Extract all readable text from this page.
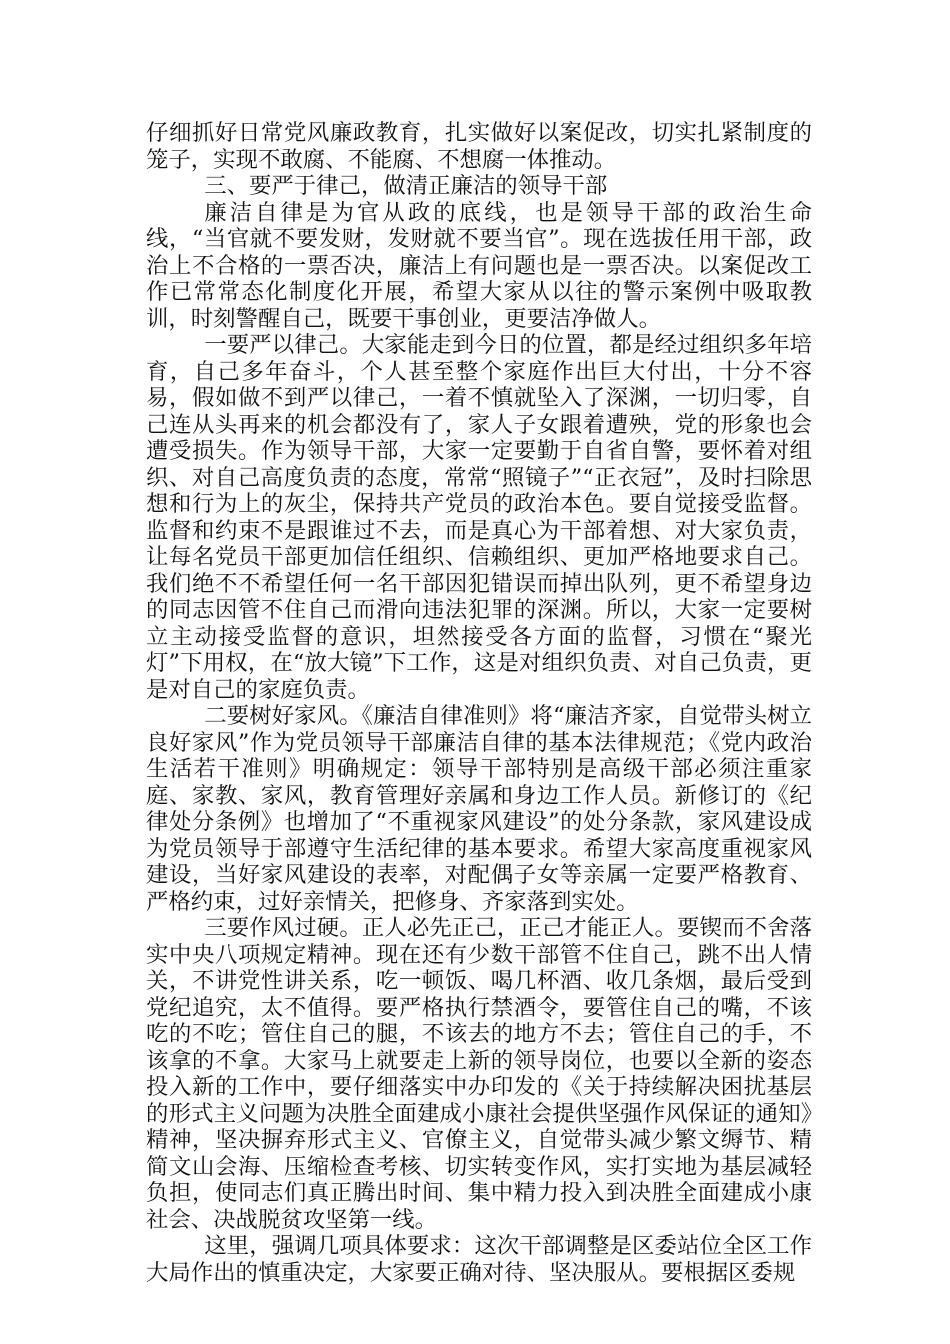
仔细抓好日常党风廉政教育，扎实做好以案促改，切实扎紧制度的笼子，实现不敢腐、不能腐、不想腐一体推动。

三、要严于律己，做清正廉洁的领导干部

廉洁自律是为官从政的底线，也是领导干部的政治生命线，“当官就不要发财，发财就不要当官”。现在选拔任用干部，政治上不合格的一票否决，廉洁上有问题也是一票否决。以案促改工作已常常态化制度化开展，希望大家从以往的警示案例中吸取教训，时刻警醒自己，既要干事创业，更要洁净做人。

一要严以律己。大家能走到今日的位置，都是经过组织多年培育，自己多年奋斗，个人甚至整个家庭作出巨大付出，十分不容易，假如做不到严以律己，一着不慎就坠入了深渊，一切归零，自己连从头再来的机会都没有了，家人子女跟着遭殃，党的形象也会遭受损失。作为领导干部，大家一定要勤于自省自警，要怀着对组织、对自己高度负责的态度，常常“照镜子”“正衣冠”，及时扫除思想和行为上的灰尘，保持共产党员的政治本色。要自觉接受监督。监督和约束不是跟谁过不去，而是真心为干部着想、对大家负责，让每名党员干部更加信任组织、信赖组织、更加严格地要求自己。我们绝不不希望任何一名干部因犯错误而掉出队列，更不希望身边的同志因管不住自己而滑向违法犯罪的深渊。所以，大家一定要树立主动接受监督的意识，坦然接受各方面的监督，习惯在“聚光灯”下用权，在“放大镜”下工作，这是对组织负责、对自己负责，更是对自己的家庭负责。

二要树好家风。《廉洁自律准则》将“廉洁齐家，自觉带头树立良好家风”作为党员领导干部廉洁自律的基本法律规范；《党内政治生活若干准则》明确规定：领导干部特别是高级干部必须注重家庭、家教、家风，教育管理好亲属和身边工作人员。新修订的《纪律处分条例》也增加了“不重视家风建设”的处分条款，家风建设成为党员领导于部遵守生活纪律的基本要求。希望大家高度重视家风建设，当好家风建设的表率，对配偶子女等亲属一定要严格教育、严格约束，过好亲情关，把修身、齐家落到实处。

三要作风过硬。正人必先正己，正己才能正人。要锲而不舍落实中央八项规定精神。现在还有少数干部管不住自己，跳不出人情关，不讲党性讲关系，吃一顿饭、喝几杯酒、收几条烟，最后受到党纪追究，太不值得。要严格执行禁酒令，要管住自己的嘴，不该吃的不吃；管住自己的腿，不该去的地方不去；管住自己的手，不该拿的不拿。大家马上就要走上新的领导岗位，也要以全新的姿态投入新的工作中，要仔细落实中办印发的《关于持续解决困扰基层的形式主义问题为决胜全面建成小康社会提供坚强作风保证的通知》精神，坚决摒弃形式主义、官僚主义，自觉带头减少繁文缛节、精简文山会海、压缩检查考核、切实转变作风，实打实地为基层减轻负担，使同志们真正腾出时间、集中精力投入到决胜全面建成小康社会、决战脱贫攻坚第一线。

这里，强调几项具体要求：这次干部调整是区委站位全区工作大局作出的慎重决定，大家要正确对待、坚决服从。要根据区委规
